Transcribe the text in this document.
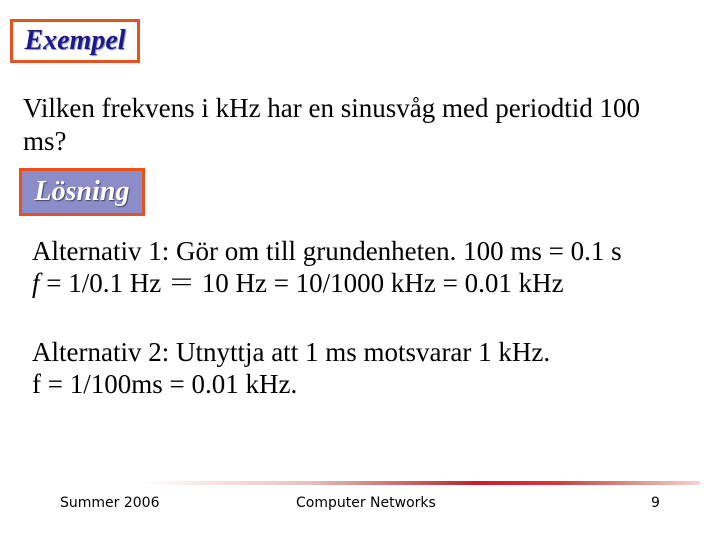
Exempel
Vilken frekvens i kHz har en sinusvåg med periodtid 100
ms?
Lösning
Alternativ 1: Gör om till grundenheten. 100 ms = 0.1 s
f = 1/0.1 Hz ＝ 10 Hz = 10/1000 kHz = 0.01 kHz
Alternativ 2: Utnyttja att 1 ms motsvarar 1 kHz.
f = 1/100ms = 0.01 kHz.
Summer 2006	Computer Networks	9
